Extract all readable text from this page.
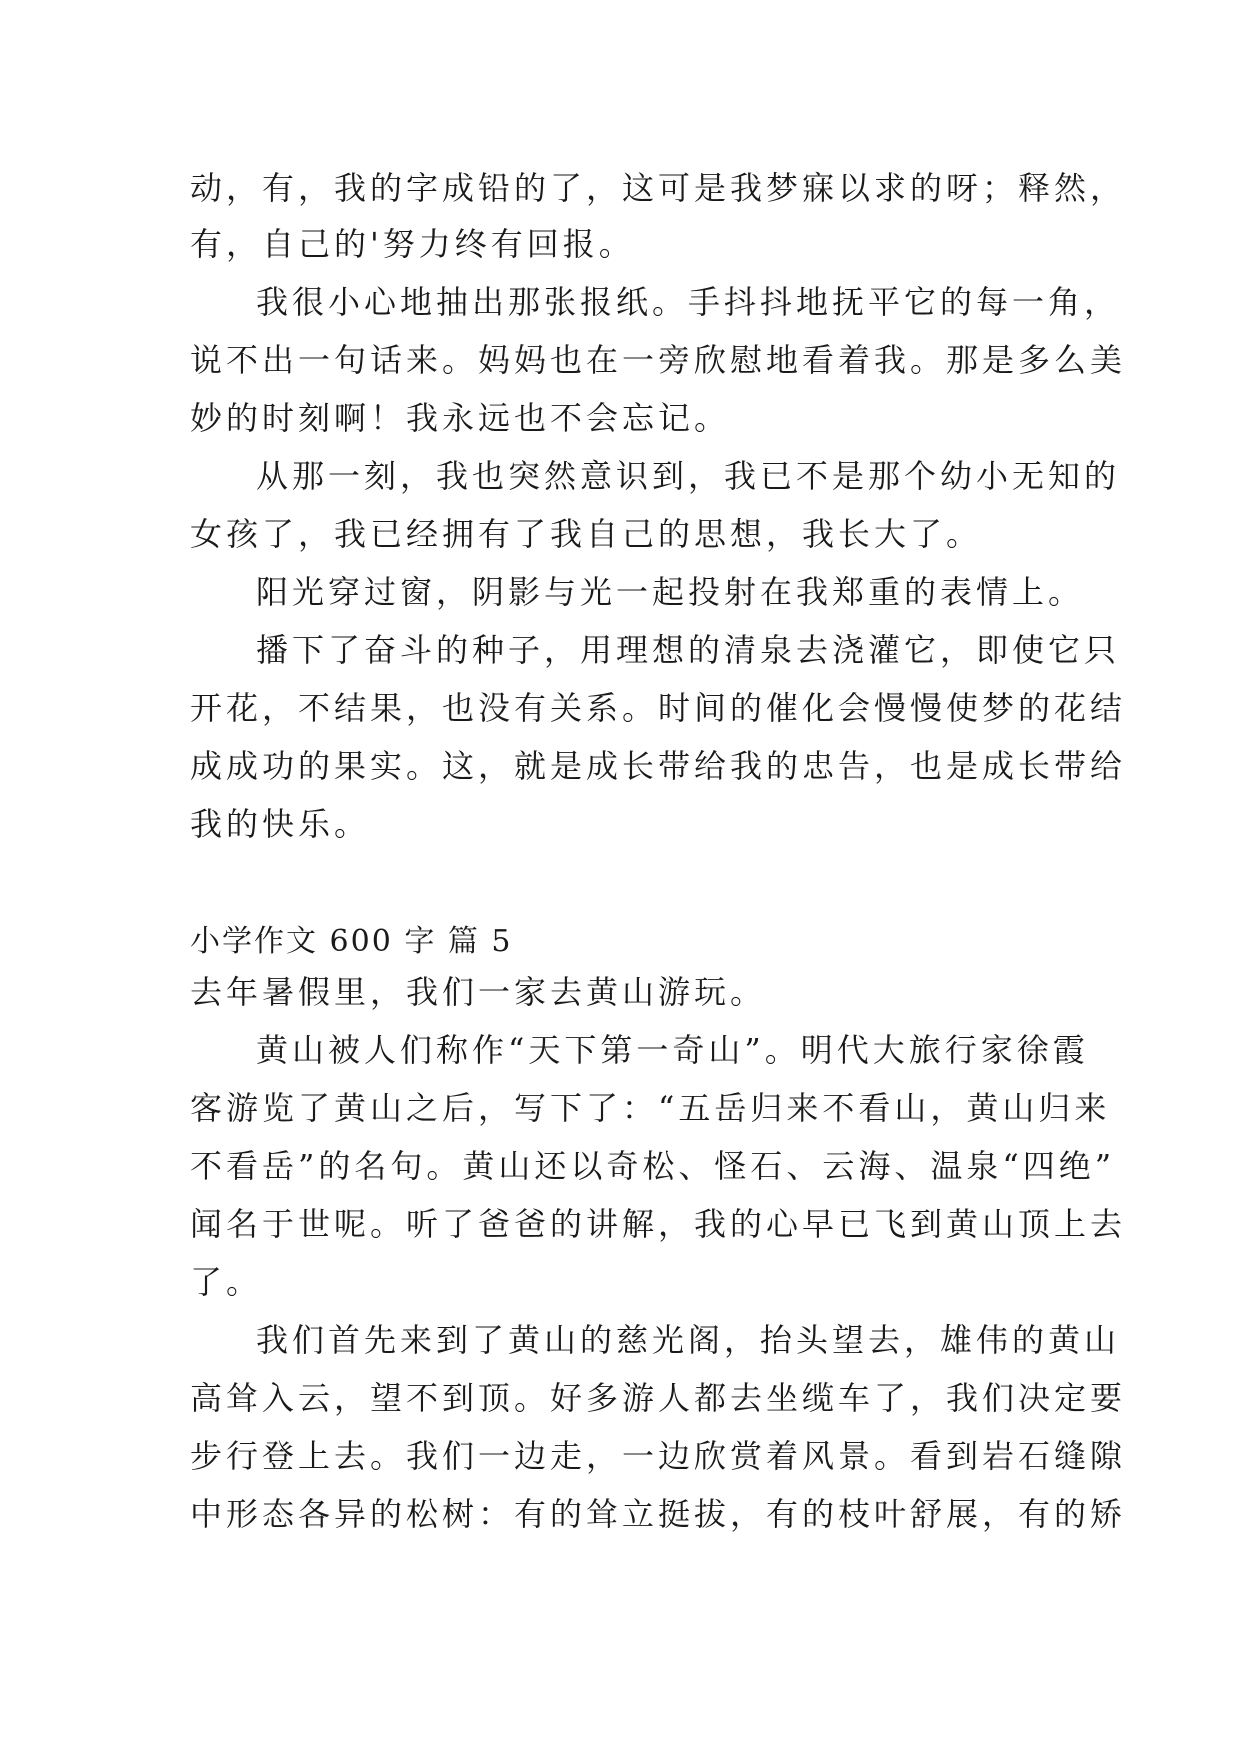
动，有，我的字成铅的了，这可是我梦寐以求的呀；释然，
有，自己的'努力终有回报。
我很小心地抽出那张报纸。手抖抖地抚平它的每一角，
说不出一句话来。妈妈也在一旁欣慰地看着我。那是多么美
妙的时刻啊！我永远也不会忘记。
从那一刻，我也突然意识到，我已不是那个幼小无知的
女孩了，我已经拥有了我自己的思想，我长大了。
阳光穿过窗，阴影与光一起投射在我郑重的表情上。
播下了奋斗的种子，用理想的清泉去浇灌它，即使它只
开花，不结果，也没有关系。时间的催化会慢慢使梦的花结
成成功的果实。这，就是成长带给我的忠告，也是成长带给
我的快乐。
小学作文 600 字 篇 5
去年暑假里，我们一家去黄山游玩。
黄山被人们称作“天下第一奇山”。明代大旅行家徐霞
客游览了黄山之后，写下了：“五岳归来不看山，黄山归来
不看岳”的名句。黄山还以奇松、怪石、云海、温泉“四绝”
闻名于世呢。听了爸爸的讲解，我的心早已飞到黄山顶上去
了。
我们首先来到了黄山的慈光阁，抬头望去，雄伟的黄山
高耸入云，望不到顶。好多游人都去坐缆车了，我们决定要
步行登上去。我们一边走，一边欣赏着风景。看到岩石缝隙
中形态各异的松树：有的耸立挺拔，有的枝叶舒展，有的矫
